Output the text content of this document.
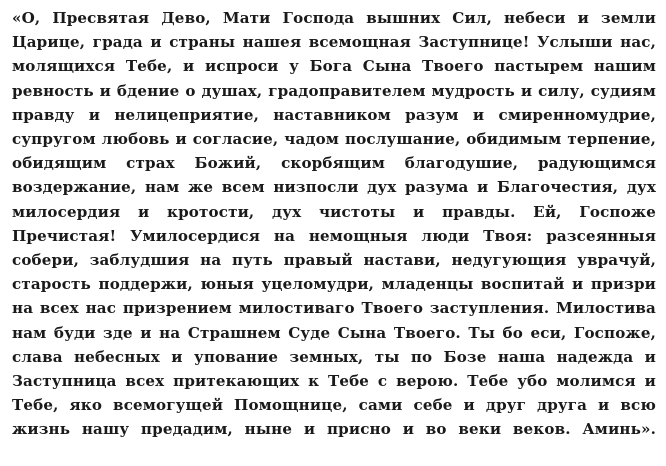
«О, Пресвятая Дево, Мати Господа вышних Сил, небеси и земли Царице, града и страны нашея всемощная Заступнице! Услыши нас, молящихся Тебе, и испроси у Бога Сына Твоего пастырем нашим ревность и бдение о душах, градоправителем мудрость и силу, судиям правду и нелицеприятие, наставником разум и смиренномудрие, супругом любовь и согласие, чадом послушание, обидимым терпение, обидящим страх Божий, скорбящим благодушие, радующимся воздержание, нам же всем низпосли дух разума и Благочестия, дух милосердия и кротости, дух чистоты и правды. Ей, Госпоже Пречистая! Умилосердися на немощныя люди Твоя: разсеянныя собери, заблудшия на путь правый настави, недугующия уврачуй, старость поддержи, юныя уцеломудри, младенцы воспитай и призри на всех нас призрением милостиваго Твоего заступления. Милостива нам буди зде и на Страшнем Суде Сына Твоего. Ты бо еси, Госпоже, слава небесных и упование земных, ты по Бозе наша надежда и Заступница всех притекающих к Тебе с верою. Тебе убо молимся и Тебе, яко всемогущей Помощнице, сами себе и друг друга и всю жизнь нашу предадим, ныне и присно и во веки веков. Аминь».
